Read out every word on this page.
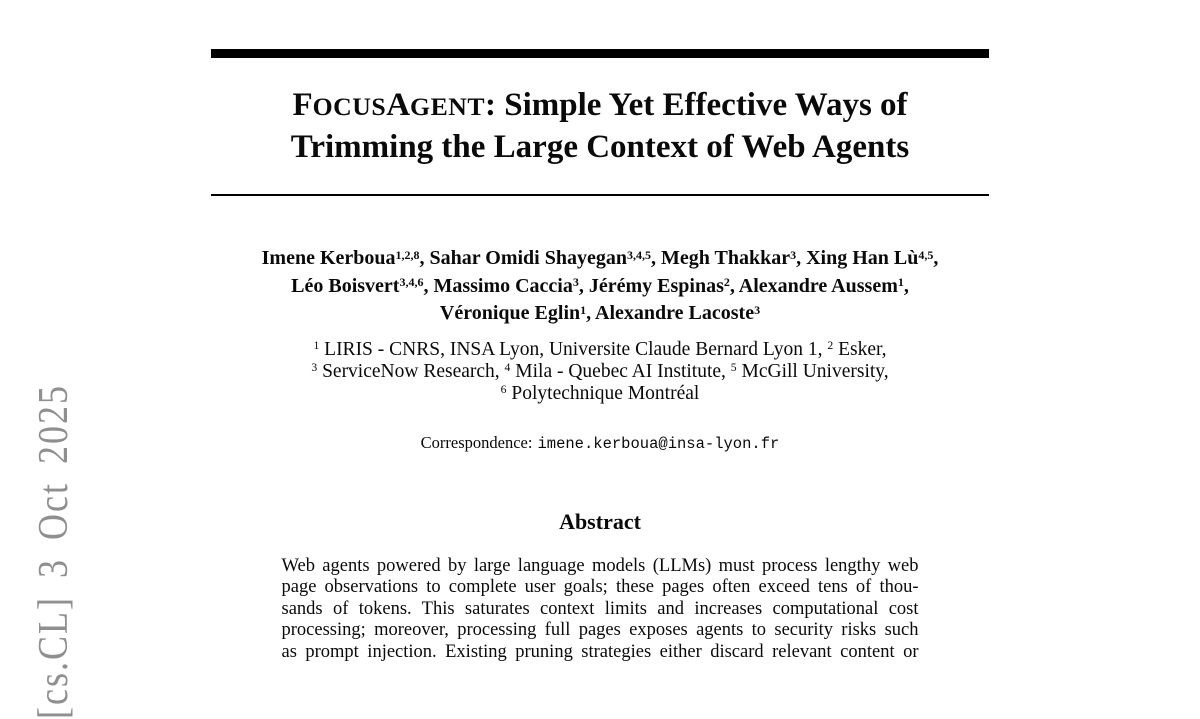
[cs.CL] 3 Oct 2025
FOCUSAGENT: Simple Yet Effective Ways of
Trimming the Large Context of Web Agents
Imene Kerboua$^{1,2,8}$, Sahar Omidi Shayegan$^{3,4,5}$, Megh Thakkar$^3$, Xing Han Lù$^{4,5}$,
Léo Boisvert$^{3,4,6}$, Massimo Caccia$^3$, Jérémy Espinas$^2$, Alexandre Aussem$^1$,
Véronique Eglin$^1$, Alexandre Lacoste$^3$
$^1$ LIRIS - CNRS, INSA Lyon, Universite Claude Bernard Lyon 1, $^2$ Esker,
$^3$ ServiceNow Research, $^4$ Mila - Quebec AI Institute, $^5$ McGill University,
$^6$ Polytechnique Montréal
Correspondence: imene.kerboua@insa-lyon.fr
Abstract
Web agents powered by large language models (LLMs) must process lengthy web
page observations to complete user goals; these pages often exceed tens of thou-
sands of tokens. This saturates context limits and increases computational cost
processing; moreover, processing full pages exposes agents to security risks such
as prompt injection. Existing pruning strategies either discard relevant content or
